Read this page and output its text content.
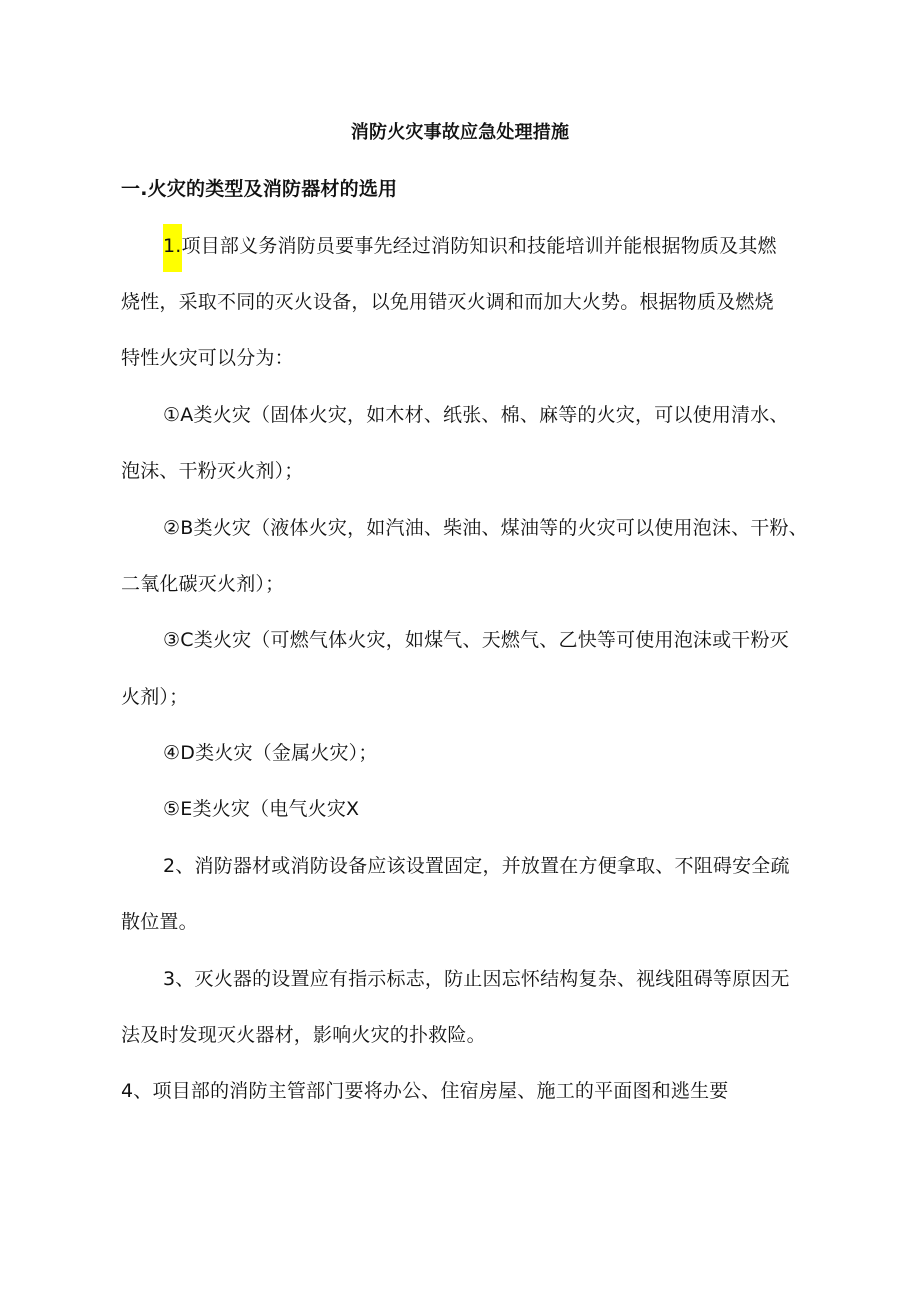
消防火灾事故应急处理措施
一.火灾的类型及消防器材的选用
1.项目部义务消防员要事先经过消防知识和技能培训并能根据物质及其燃
烧性，采取不同的灭火设备，以免用错灭火调和而加大火势。根据物质及燃烧
特性火灾可以分为：
①A类火灾（固体火灾，如木材、纸张、棉、麻等的火灾，可以使用清水、
泡沫、干粉灭火剂）；
②B类火灾（液体火灾，如汽油、柴油、煤油等的火灾可以使用泡沫、干粉、
二氧化碳灭火剂）；
③C类火灾（可燃气体火灾，如煤气、天燃气、乙快等可使用泡沫或干粉灭
火剂）；
④D类火灾（金属火灾）；
⑤E类火灾（电气火灾X
2、消防器材或消防设备应该设置固定，并放置在方便拿取、不阻碍安全疏
散位置。
3、灭火器的设置应有指示标志，防止因忘怀结构复杂、视线阻碍等原因无
法及时发现灭火器材，影响火灾的扑救险。
4、项目部的消防主管部门要将办公、住宿房屋、施工的平面图和逃生要
